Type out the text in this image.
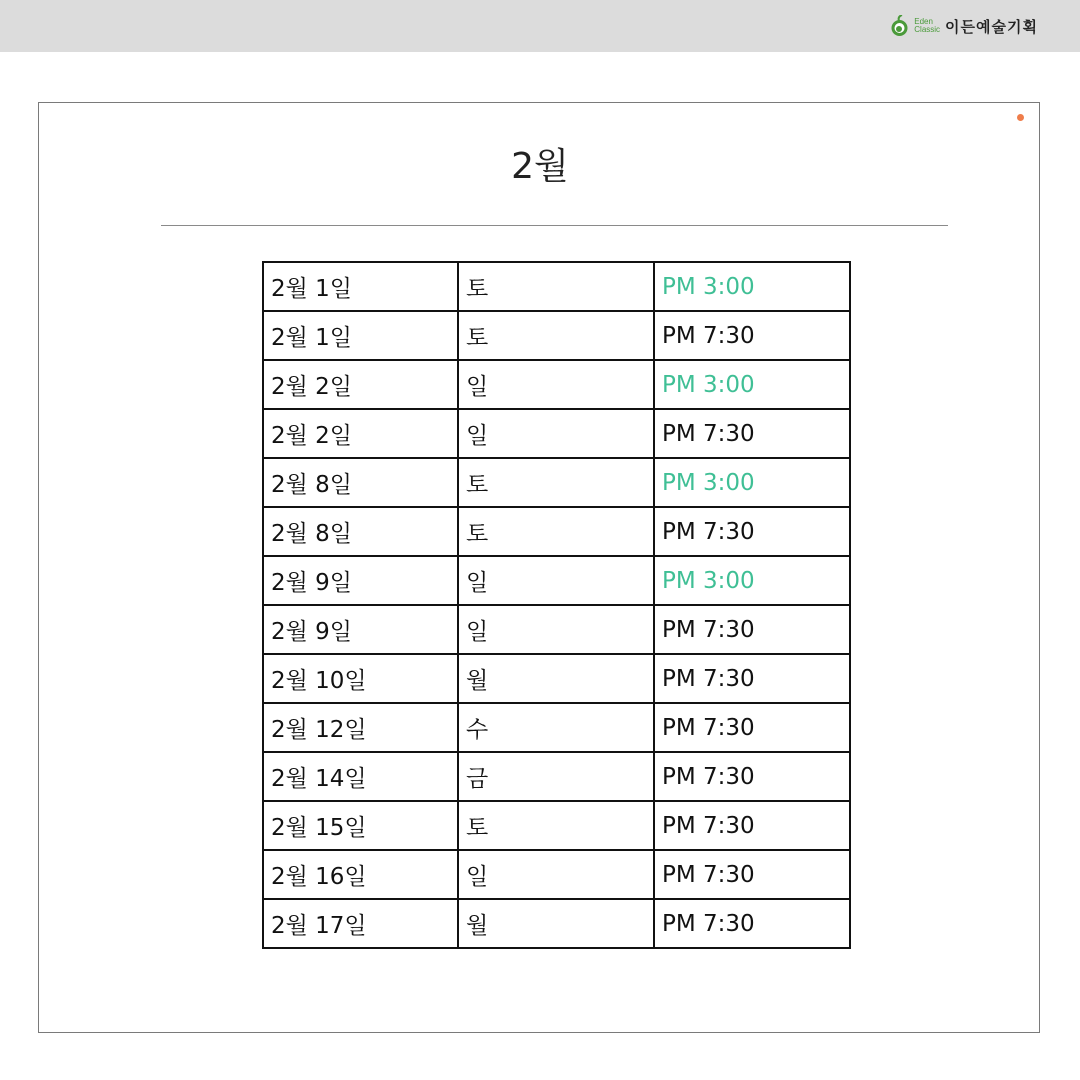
Eden
Classic 이든예술기획
2월
2월 1일	토	PM 3:00
2월 1일	토	PM 7:30
2월 2일	일	PM 3:00
2월 2일	일	PM 7:30
2월 8일	토	PM 3:00
2월 8일	토	PM 7:30
2월 9일	일	PM 3:00
2월 9일	일	PM 7:30
2월 10일	월	PM 7:30
2월 12일	수	PM 7:30
2월 14일	금	PM 7:30
2월 15일	토	PM 7:30
2월 16일	일	PM 7:30
2월 17일	월	PM 7:30
